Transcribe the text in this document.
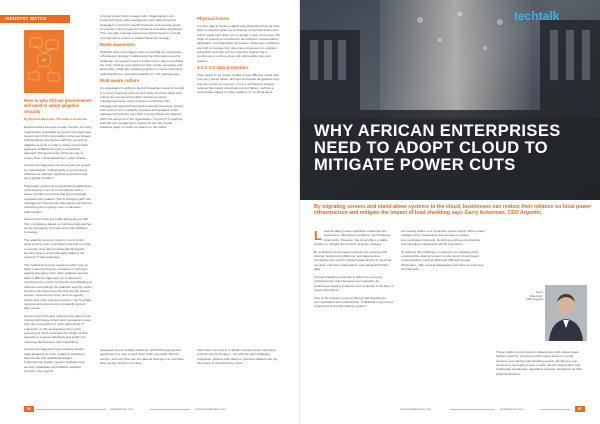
INDUSTRY WATCH
Here is why African governments will need to adopt adaptive security
By Richard Berkman, VP analyst at Gartner

Data breaches become a major concern for every organisation, especially for government agencies. Government CIOs must adapt to the new threats and familiarise themselves with the concept of adaptive security in order to better protect their agencies. Adaptive security is a powerful approach that government CIOs can use to protect their critical assets from cyber threats.

Government agencies are among the top targets for cyberattacks. Critical tasks on government initiatives at national, regional, and local levels are a global condition.

Historically, government organisations addressed cybersecurity in terms of compliance with a series of written protocols that are periodically reviewed and updated. This is changing with risk management frameworks that require continuous monitoring and ongoing, even continuous authorisation.

Government CIOs are today attempting to shift from compliance-based to risk-based approaches as the complexity of threats and vulnerabilities increases.

The adaptive security model is one in which cybersecurity tools, techniques and talent merge to operate more like an automatic biological immune system and continually adapt to the evolving IT risk landscape.

The traditional security measures often rely on static protocols that are not always in harmony against emerging cyber risks. Adaptive security takes a different approach by continuously monitoring the system for threats and adapting its defences accordingly. An adaptive security model includes risk-based security and not just protect access. Government CIOs, such as agents, clients and cyber-physical systems, can leverage dynamic and connected to constantly protect their assets.

Government CIOs and cybersecurity teams must pursue technology refresh and renewal at a pace that may exceed that of other parts of the IT enterprise. In this accelerated cyber cycle, government CIOs must take the results of their capacity to execute effectively and justify it to maximise the business and understand.

Government agencies face evolving threats, rapid advances in tools, updated compliance frameworks and updated strategies. Cybersecurity leaders need to evaluate their security capabilities and whether adaptive security is the right fit.

to better protect and manage risks. Organisations can implement future data management and data protection strategies to suit their specific business and security needs, as well as improve business resilience and data compliance. They can also manage and secure hybrid teams in a cloud environment to ensure a resilient business strategy.

Raise awareness

Highlight where the biggest risks lie and flag the importance of behaviour change in addressing the information security challenge. Companies have a critical role to play in providing the tools, training, and support to help people recognise and avoid risks, while also updating policies to ensure maximum understanding in, and accountability for, risk management.

Risk-aware culture

An organisation's ability to fend off breaches needs to be built in to every business process and policy. And that starts with putting the secure and resilient mindset at senior management level, and a long-term enterprise risk-management approach aimed at ensuring processes, people, and systems are constantly reviewed and updated. A risk management journey must also ensure policies are aligned with how everyone in the organisation, not just IT, is working, and that risk management policies tie into the overall business goals, to build compliance to the fullest.

Physical traces

It is also vital to create a digital and physical archive for data. Take a robust programme to dispose of physical documents and IT equipment when it is no longer in use, and ensure full chain of custody is recorded for all collection, transportation, digitisation, and disposition processes. Make sure workflows are built to manage risk, determine processes for endpoint encryption and then put in a retention regime that is continuous to enforce clear and enforceable rules and policies.

3-2-1-1-0 data protection

That means IT as copies of data on two different media with one copy stored offsite, and one immutable air-gapped copy, and zero errors on recovery. A 3-2-1-1-0 backup strategy reduces the impact of a single point of failure, such as a ransomware attack or cyber incident, on a critical asset.

password across multiple platforms, with 53% keeping their password on a note or their desk, 31% use public Wi-Fi to access, and only 34% use the data as strangers on commute. More clearly needs to be done.

Information security in a rapidly evolving cloud computing environment is complex – but with the right strategies, processes, policies and partners, business leaders can get the peace of mind that they need.

66	intelligentcio.com	www.intelligentcio.com
techtalk
WHY AFRICAN ENTERPRISES
NEED TO ADOPT CLOUD TO
MITIGATE POWER CUTS

By migrating servers and stand-alone systems to the cloud, businesses can reduce their reliance on local power infrastructure and mitigate the impact of load shedding says Garry Ackerman, CEO Argentic.

Load shedding poses significant challenges for businesses, disrupting operations, and hindering productivity. However, the cloud offers a viable solution to mitigate the impacts of power outages.

By embracing cloud-based solutions for email and file sharing, productivity platforms, and data centres, companies can ensure uninterrupted access to essential services, enhance collaboration, and safeguard critical data.

As load shedding continues to affect the economy, embracing the cloud becomes an imperative for businesses seeking resilience and continuity in the face of power disruptions.

One of the primary concerns during load shedding is communication and collaboration. Traditional on-premises email servers and file-sharing systems

are heavily reliant on a consistent power supply. When power outages occur, businesses face an area to critical communication channels, hindering employee productivity and impeding collaborative efforts and teams.

To address this challenge, companies are migrating their email and file-sharing systems to the cloud. Cloud-based email solutions, such as Microsoft 365 and Google Workspace, offer several advantages over their on-premises counterparts.

Garry Ackerman, CEO Argentic

These platforms are hosted in datacentres with robust power backup systems, ensuring uninterrupted access to email services even during load shedding events. Employees can continue to send and receive emails, access shared files, and collaborate seamlessly, regardless of power disruptions at their physical locations.

www.intelligentcio.com	intelligentcio.com	67
